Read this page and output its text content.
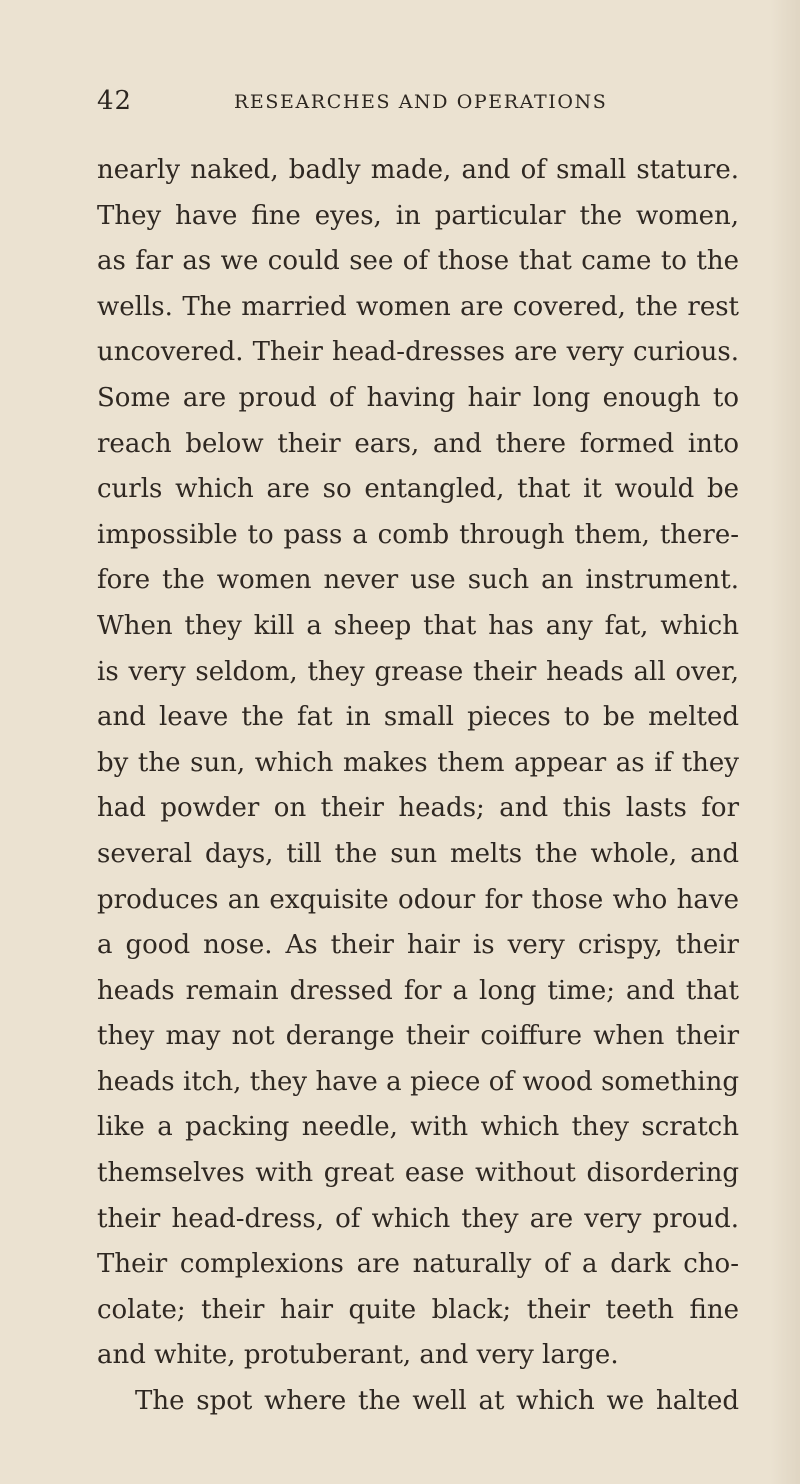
42	RESEARCHES AND OPERATIONS
nearly naked, badly made, and of small stature.
They have fine eyes, in particular the women,
as far as we could see of those that came to the
wells. The married women are covered, the rest
uncovered. Their head-dresses are very curious.
Some are proud of having hair long enough to
reach below their ears, and there formed into
curls which are so entangled, that it would be
impossible to pass a comb through them, there-
fore the women never use such an instrument.
When they kill a sheep that has any fat, which
is very seldom, they grease their heads all over,
and leave the fat in small pieces to be melted
by the sun, which makes them appear as if they
had powder on their heads; and this lasts for
several days, till the sun melts the whole, and
produces an exquisite odour for those who have
a good nose. As their hair is very crispy, their
heads remain dressed for a long time; and that
they may not derange their coiffure when their
heads itch, they have a piece of wood something
like a packing needle, with which they scratch
themselves with great ease without disordering
their head-dress, of which they are very proud.
Their complexions are naturally of a dark cho-
colate; their hair quite black; their teeth fine
and white, protuberant, and very large.
The spot where the well at which we halted
